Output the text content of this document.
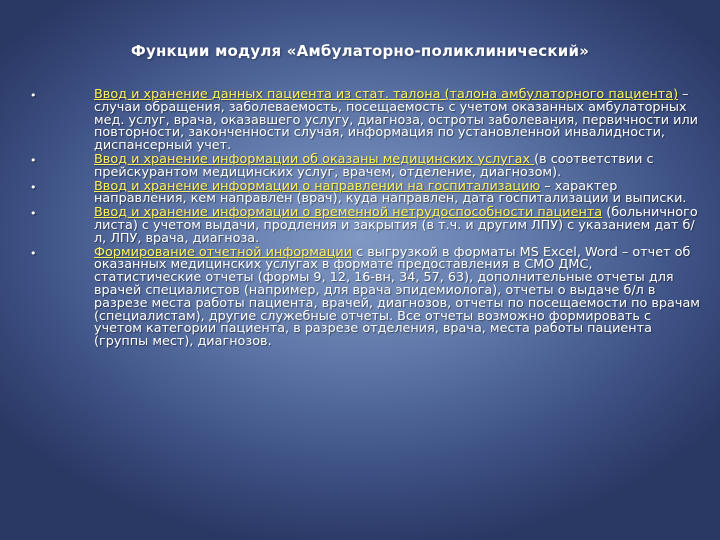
Функции модуля «Амбулаторно-поликлинический»
•	Ввод и хранение данных пациента из стат. талона (талона амбулаторного пациента) – случаи обращения, заболеваемость, посещаемость с учетом оказанных амбулаторных мед. услуг, врача, оказавшего услугу, диагноза, остроты заболевания, первичности или повторности, законченности случая, информация по установленной инвалидности, диспансерный учет.
•	Ввод и хранение информации об оказаны медицинских услугах (в соответствии с прейскурантом медицинских услуг, врачем, отделение, диагнозом).
•	Ввод и хранение информации о направлении на госпитализацию – характер направления, кем направлен (врач), куда направлен, дата госпитализации и выписки.
•	Ввод и хранение информации о временной нетрудоспособности пациента (больничного листа) с учетом выдачи, продления и закрытия (в т.ч. и другим ЛПУ) с указанием дат б/л, ЛПУ, врача, диагноза.
•	Формирование отчетной информации с выгрузкой в форматы MS Excel, Word – отчет об оказанных медицинских услугах в формате предоставления в СМО ДМС, статистические отчеты (формы 9, 12, 16-вн, 34, 57, 63), дополнительные отчеты для врачей специалистов (например, для врача эпидемиолога), отчеты о выдаче б/л в разрезе места работы пациента, врачей, диагнозов, отчеты по посещаемости по врачам (специалистам), другие служебные отчеты. Все отчеты возможно формировать с учетом категории пациента, в разрезе отделения, врача, места работы пациента (группы мест), диагнозов.
